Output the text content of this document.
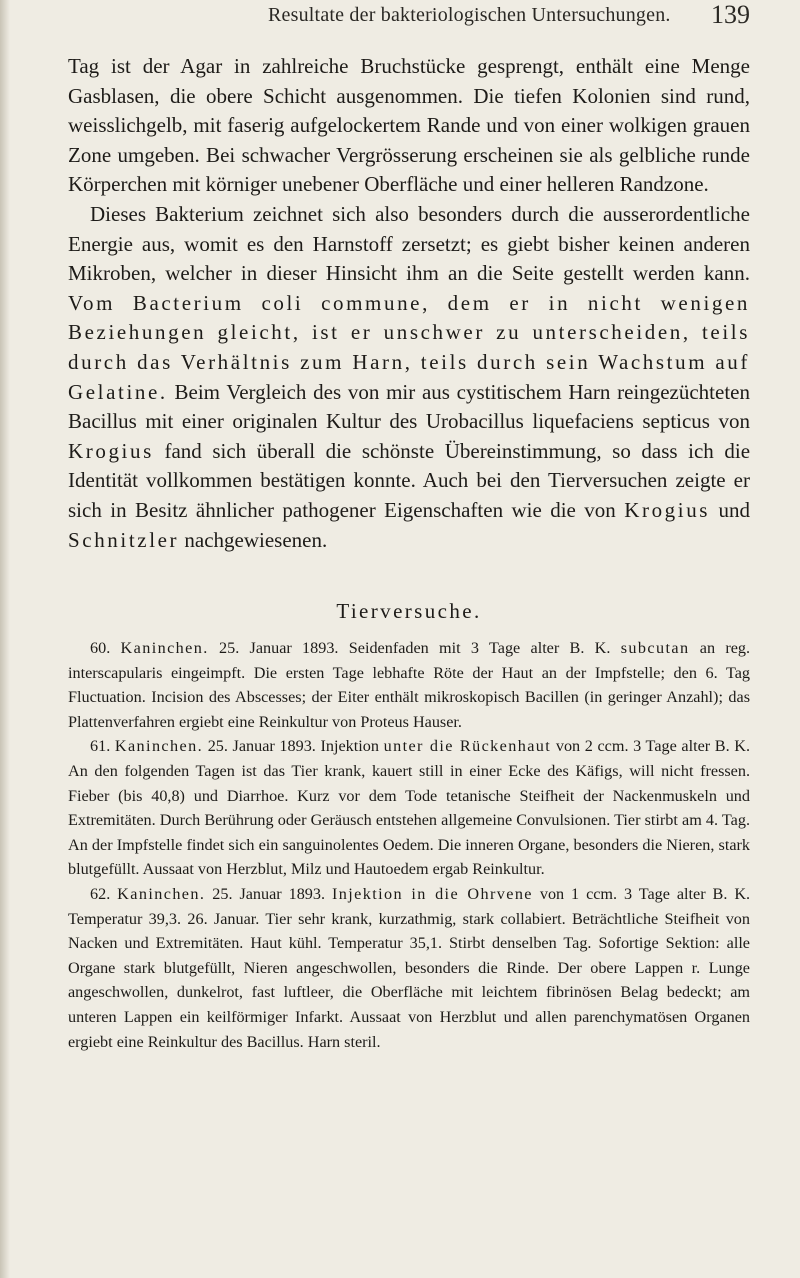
Resultate der bakteriologischen Untersuchungen. 139

Tag ist der Agar in zahlreiche Bruchstücke gesprengt, enthält eine Menge Gasblasen, die obere Schicht ausgenommen. Die tiefen Kolonien sind rund, weisslichgelb, mit faserig aufgelockertem Rande und von einer wolkigen grauen Zone umgeben. Bei schwacher Vergrösserung erscheinen sie als gelbliche runde Körperchen mit körniger unebener Oberfläche und einer helleren Randzone.

Dieses Bakterium zeichnet sich also besonders durch die ausserordentliche Energie aus, womit es den Harnstoff zersetzt; es giebt bisher keinen anderen Mikroben, welcher in dieser Hinsicht ihm an die Seite gestellt werden kann. Vom Bacterium coli commune, dem er in nicht wenigen Beziehungen gleicht, ist er unschwer zu unterscheiden, teils durch das Verhältnis zum Harn, teils durch sein Wachstum auf Gelatine. Beim Vergleich des von mir aus cystitischem Harn reingezüchteten Bacillus mit einer originalen Kultur des Urobacillus liquefaciens septicus von Krogius fand sich überall die schönste Übereinstimmung, so dass ich die Identität vollkommen bestätigen konnte. Auch bei den Tierversuchen zeigte er sich in Besitz ähnlicher pathogener Eigenschaften wie die von Krogius und Schnitzler nachgewiesenen.

Tierversuche.

60. Kaninchen. 25. Januar 1893. Seidenfaden mit 3 Tage alter B. K. subcutan an reg. interscapularis eingeimpft. Die ersten Tage lebhafte Röte der Haut an der Impfstelle; den 6. Tag Fluctuation. Incision des Abscesses; der Eiter enthält mikroskopisch Bacillen (in geringer Anzahl); das Plattenverfahren ergiebt eine Reinkultur von Proteus Hauser.

61. Kaninchen. 25. Januar 1893. Injektion unter die Rückenhaut von 2 ccm. 3 Tage alter B. K. An den folgenden Tagen ist das Tier krank, kauert still in einer Ecke des Käfigs, will nicht fressen. Fieber (bis 40,8) und Diarrhoe. Kurz vor dem Tode tetanische Steifheit der Nackenmuskeln und Extremitäten. Durch Berührung oder Geräusch entstehen allgemeine Convulsionen. Tier stirbt am 4. Tag. An der Impfstelle findet sich ein sanguinolentes Oedem. Die inneren Organe, besonders die Nieren, stark blutgefüllt. Aussaat von Herzblut, Milz und Hautoedem ergab Reinkultur.

62. Kaninchen. 25. Januar 1893. Injektion in die Ohrvene von 1 ccm. 3 Tage alter B. K. Temperatur 39,3. 26. Januar. Tier sehr krank, kurzathmig, stark collabiert. Beträchtliche Steifheit von Nacken und Extremitäten. Haut kühl. Temperatur 35,1. Stirbt denselben Tag. Sofortige Sektion: alle Organe stark blutgefüllt, Nieren angeschwollen, besonders die Rinde. Der obere Lappen r. Lunge angeschwollen, dunkelrot, fast luftleer, die Oberfläche mit leichtem fibrinösen Belag bedeckt; am unteren Lappen ein keilförmiger Infarkt. Aussaat von Herzblut und allen parenchymatösen Organen ergiebt eine Reinkultur des Bacillus. Harn steril.
